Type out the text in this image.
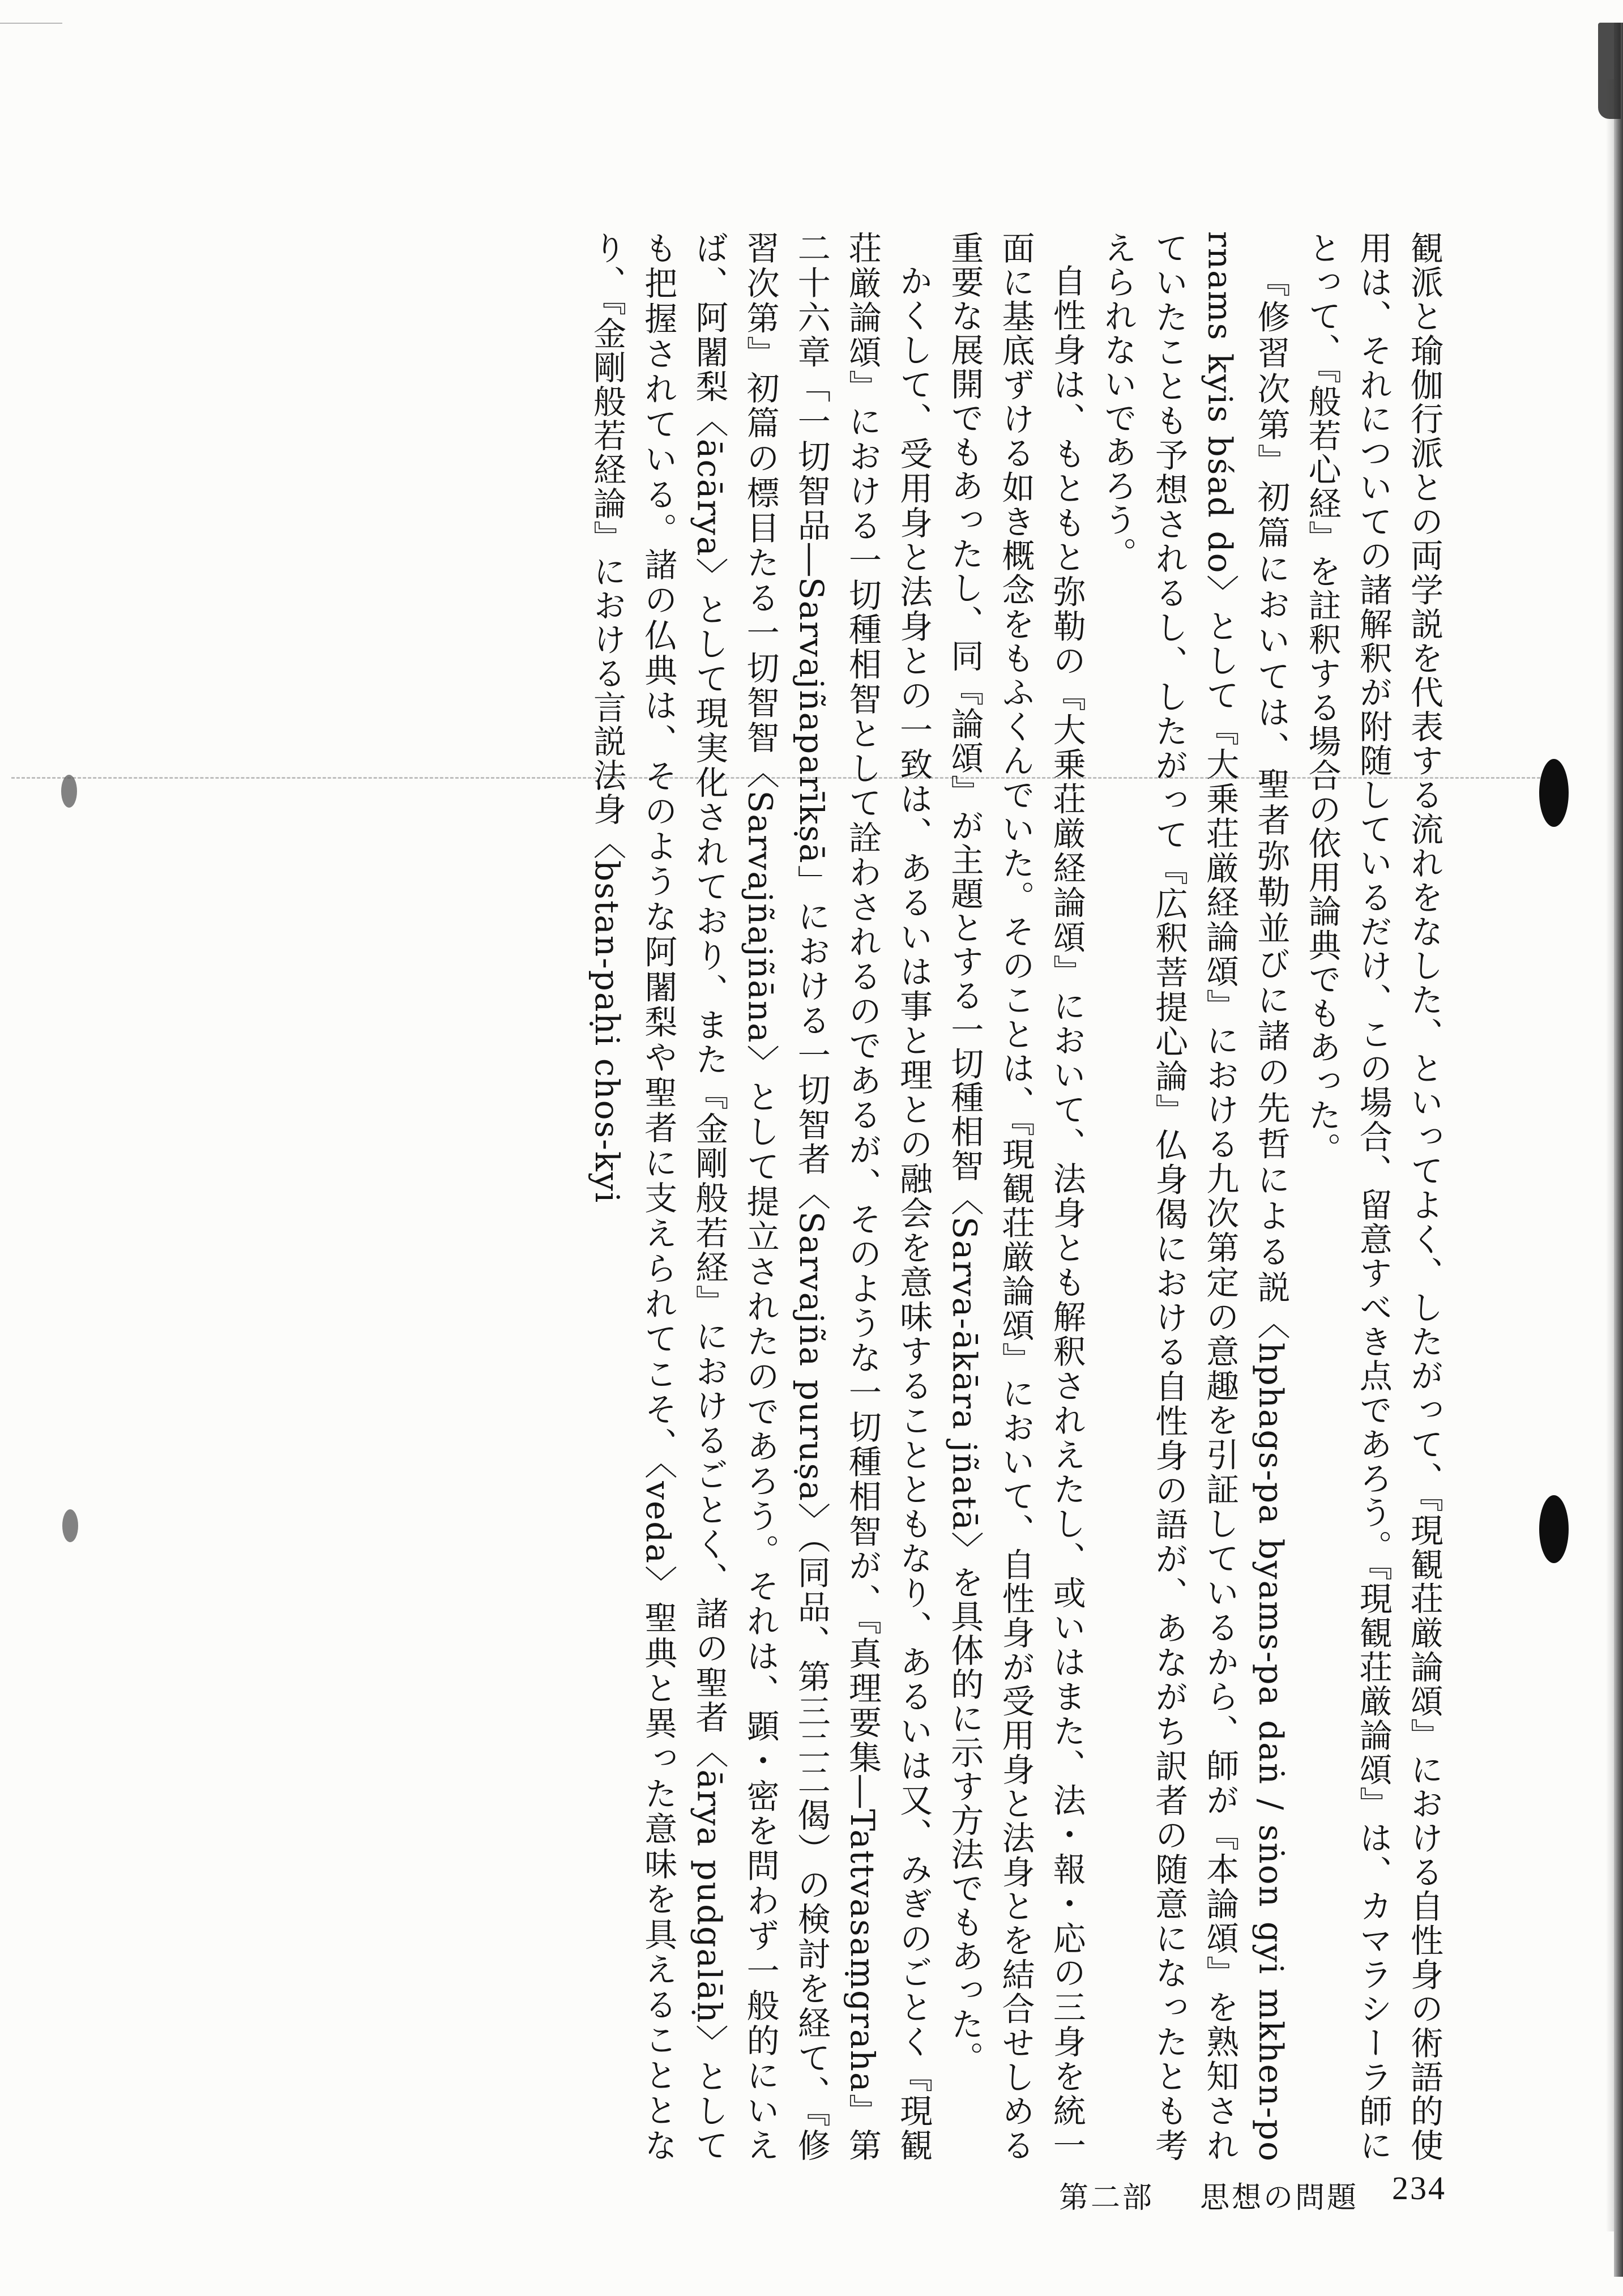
観派と瑜伽行派との両学説を代表する流れをなした、といってよく、したがって、『現観荘厳論頌』における自性身の術語的使用は、それについての諸解釈が附随しているだけ、この場合、留意すべき点であろう。『現観荘厳論頌』は、カマラシーラ師にとって、『般若心経』を註釈する場合の依用論典でもあった。

『修習次第』初篇においては、聖者弥勒並びに諸の先哲による説〈hphags-pa byams-pa daṅ / sṅon gyi mkhen-po rnams kyis bśad do〉として『大乗荘厳経論頌』における九次第定の意趣を引証しているから、師が『本論頌』を熟知されていたことも予想されるし、したがって『広釈菩提心論』仏身偈における自性身の語が、あながち訳者の随意になったとも考えられないであろう。

自性身は、もともと弥勒の『大乗荘厳経論頌』において、法身とも解釈されえたし、或いはまた、法・報・応の三身を統一面に基底ずける如き概念をもふくんでいた。そのことは、『現観荘厳論頌』において、自性身が受用身と法身とを結合せしめる重要な展開でもあったし、同『論頌』が主題とする一切種相智〈Sarva-ākāra jñatā〉を具体的に示す方法でもあった。

かくして、受用身と法身との一致は、あるいは事と理との融会を意味することともなり、あるいは又、みぎのごとく『現観荘厳論頌』における一切種相智として詮わされるのであるが、そのような一切種相智が、『真理要集―Tattvasaṃgraha』第二十六章「一切智品―Sarvajñaparīkṣā」における一切智者〈Sarvajña puruṣa〉（同品、第三二二偈）の検討を経て、『修習次第』初篇の標目たる一切智智〈Sarvajñajñāna〉として提立されたのであろう。それは、顕・密を問わず一般的にいえば、阿闍梨〈ācārya〉として現実化されており、また『金剛般若経』におけるごとく、諸の聖者〈ārya pudgalāḥ〉としても把握されている。諸の仏典は、そのような阿闍梨や聖者に支えられてこそ、〈veda〉聖典と異った意味を具えることとなり、『金剛般若経論』における言説法身〈bstan-paḥi chos-kyi

第二部 思想の問題 234
